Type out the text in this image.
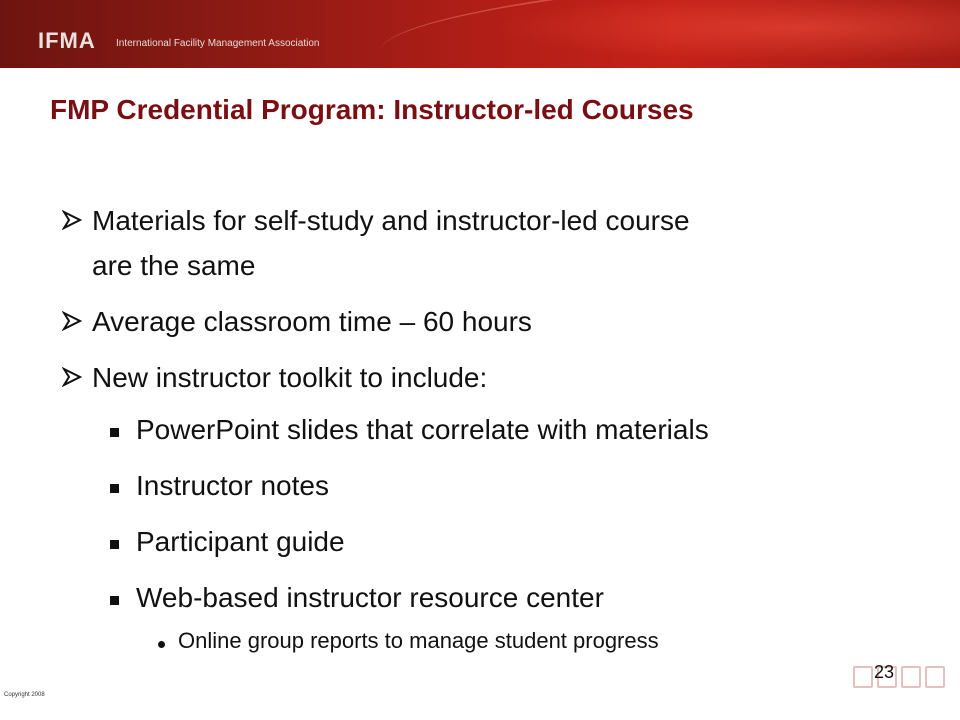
IFMA International Facility Management Association
FMP Credential Program: Instructor-led Courses
Materials for self-study and instructor-led course
are the same
Average classroom time – 60 hours
New instructor toolkit to include:
PowerPoint slides that correlate with materials
Instructor notes
Participant guide
Web-based instructor resource center
Online group reports to manage student progress
23
Copyright 2008
